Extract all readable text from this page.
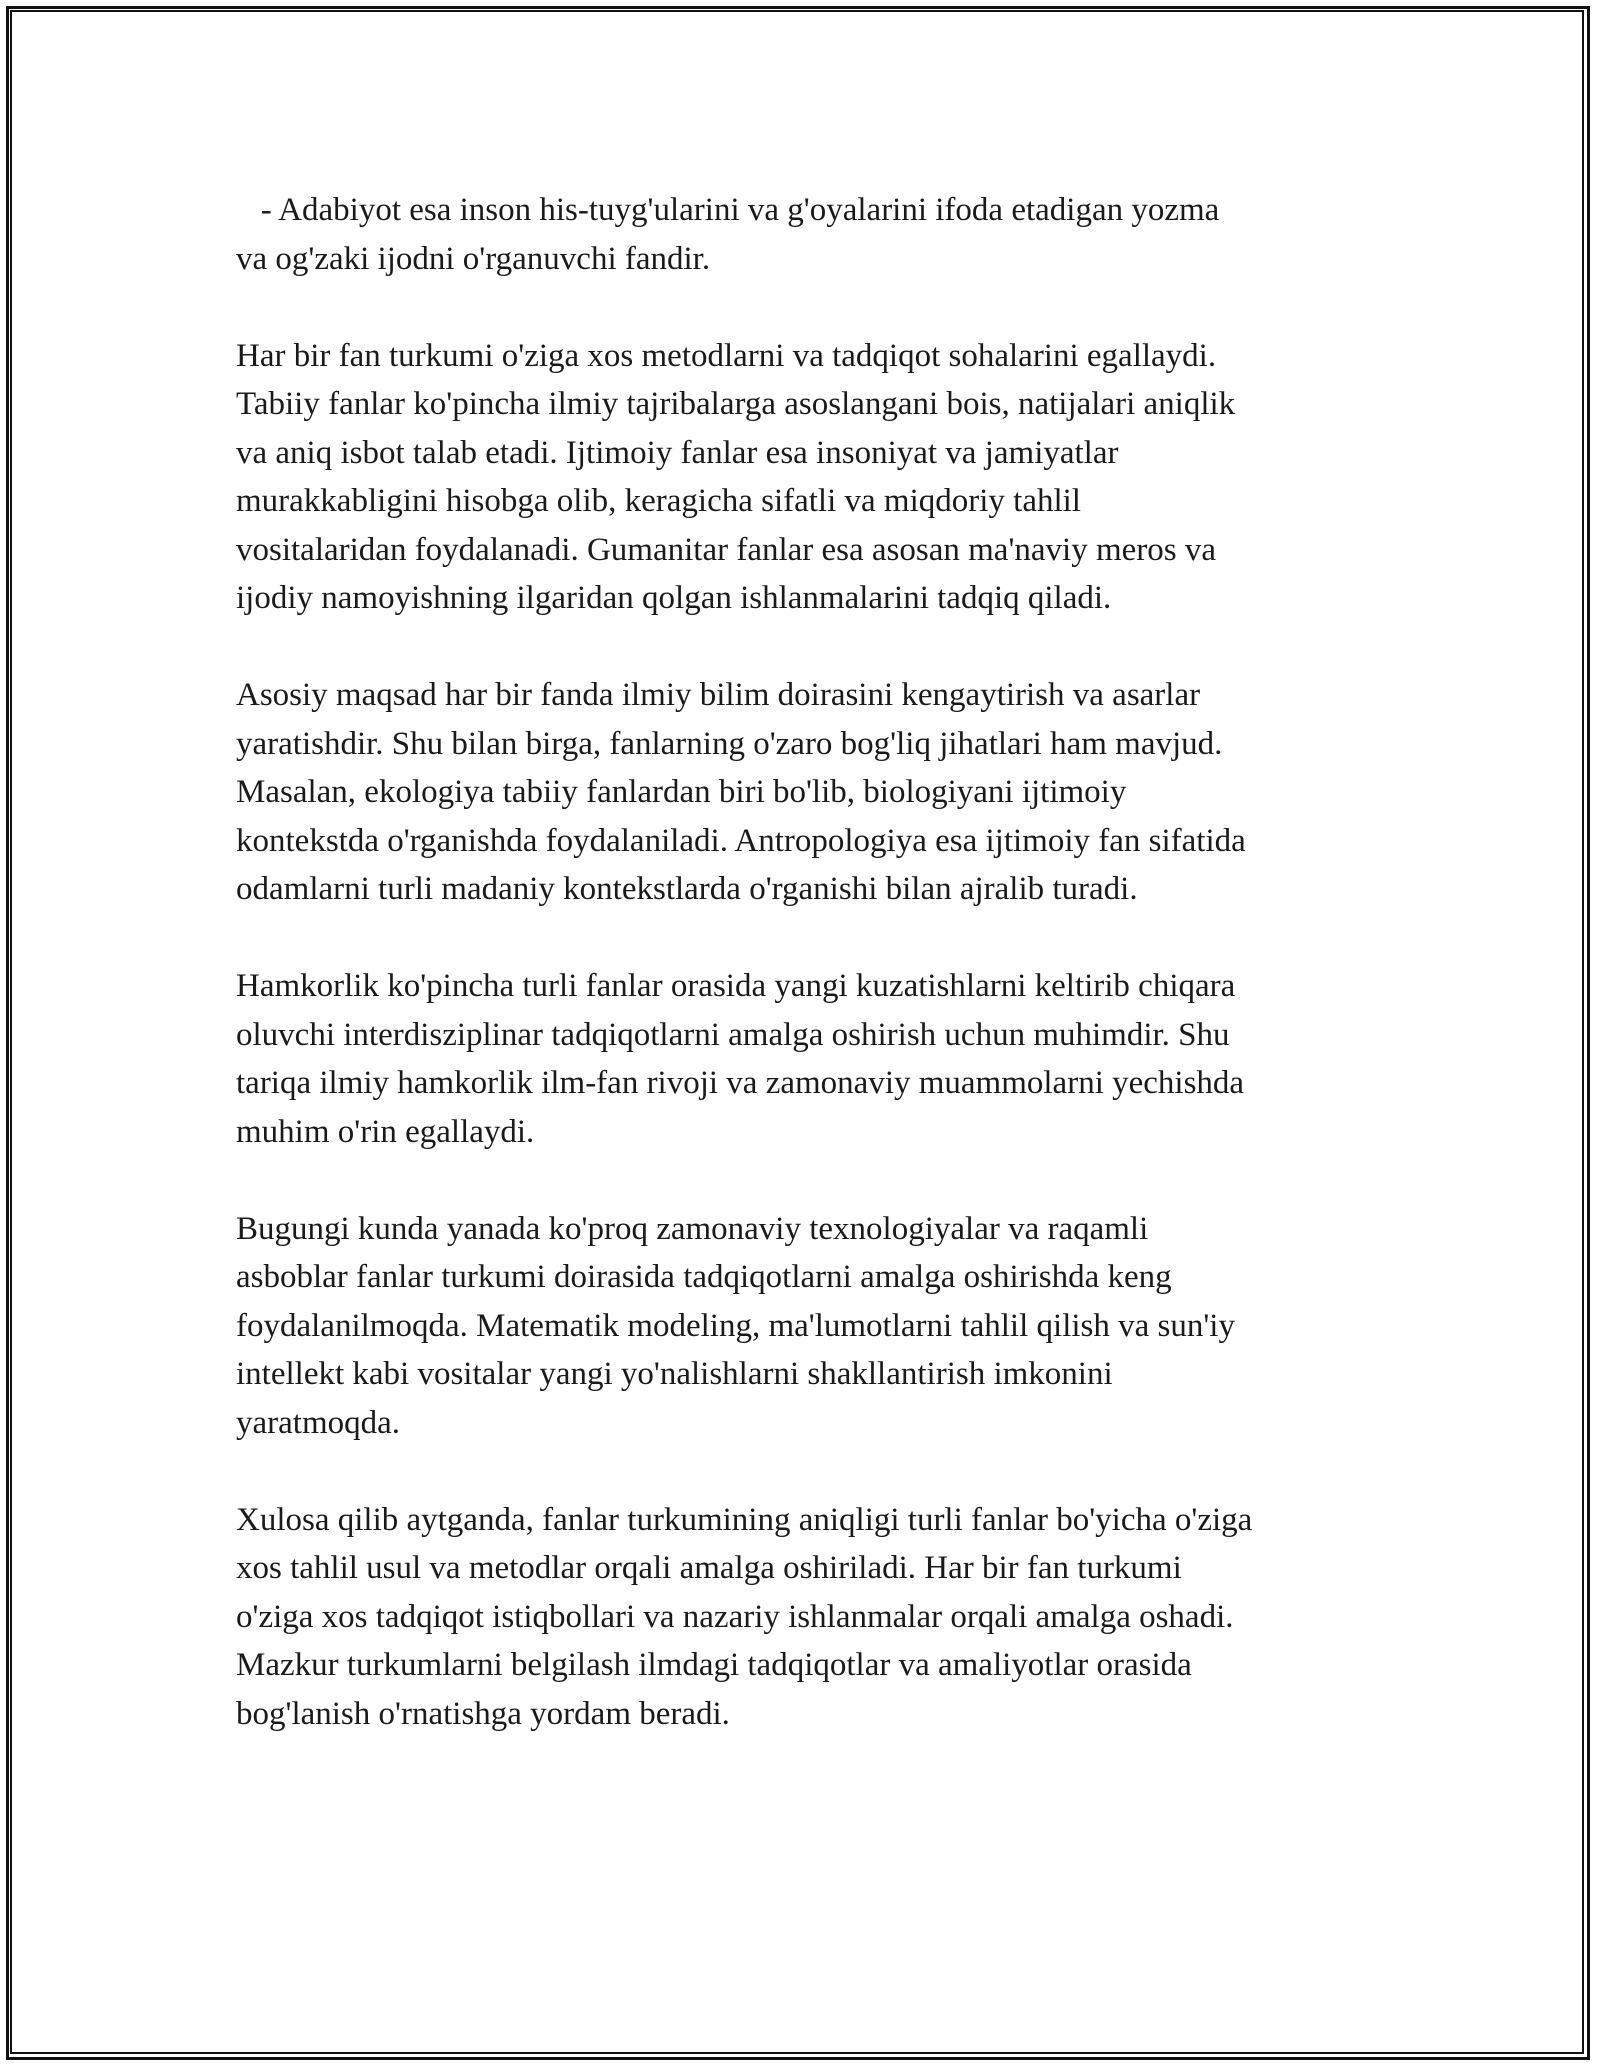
- Adabiyot esa inson his-tuyg'ularini va g'oyalarini ifoda etadigan yozma
va og'zaki ijodni o'rganuvchi fandir.

Har bir fan turkumi o'ziga xos metodlarni va tadqiqot sohalarini egallaydi.
Tabiiy fanlar ko'pincha ilmiy tajribalarga asoslangani bois, natijalari aniqlik
va aniq isbot talab etadi. Ijtimoiy fanlar esa insoniyat va jamiyatlar
murakkabligini hisobga olib, keragicha sifatli va miqdoriy tahlil
vositalaridan foydalanadi. Gumanitar fanlar esa asosan ma'naviy meros va
ijodiy namoyishning ilgaridan qolgan ishlanmalarini tadqiq qiladi.

Asosiy maqsad har bir fanda ilmiy bilim doirasini kengaytirish va asarlar
yaratishdir. Shu bilan birga, fanlarning o'zaro bog'liq jihatlari ham mavjud.
Masalan, ekologiya tabiiy fanlardan biri bo'lib, biologiyani ijtimoiy
kontekstda o'rganishda foydalaniladi. Antropologiya esa ijtimoiy fan sifatida
odamlarni turli madaniy kontekstlarda o'rganishi bilan ajralib turadi.

Hamkorlik ko'pincha turli fanlar orasida yangi kuzatishlarni keltirib chiqara
oluvchi interdisziplinar tadqiqotlarni amalga oshirish uchun muhimdir. Shu
tariqa ilmiy hamkorlik ilm-fan rivoji va zamonaviy muammolarni yechishda
muhim o'rin egallaydi.

Bugungi kunda yanada ko'proq zamonaviy texnologiyalar va raqamli
asboblar fanlar turkumi doirasida tadqiqotlarni amalga oshirishda keng
foydalanilmoqda. Matematik modeling, ma'lumotlarni tahlil qilish va sun'iy
intellekt kabi vositalar yangi yo'nalishlarni shakllantirish imkonini
yaratmoqda.

Xulosa qilib aytganda, fanlar turkumining aniqligi turli fanlar bo'yicha o'ziga
xos tahlil usul va metodlar orqali amalga oshiriladi. Har bir fan turkumi
o'ziga xos tadqiqot istiqbollari va nazariy ishlanmalar orqali amalga oshadi.
Mazkur turkumlarni belgilash ilmdagi tadqiqotlar va amaliyotlar orasida
bog'lanish o'rnatishga yordam beradi.
